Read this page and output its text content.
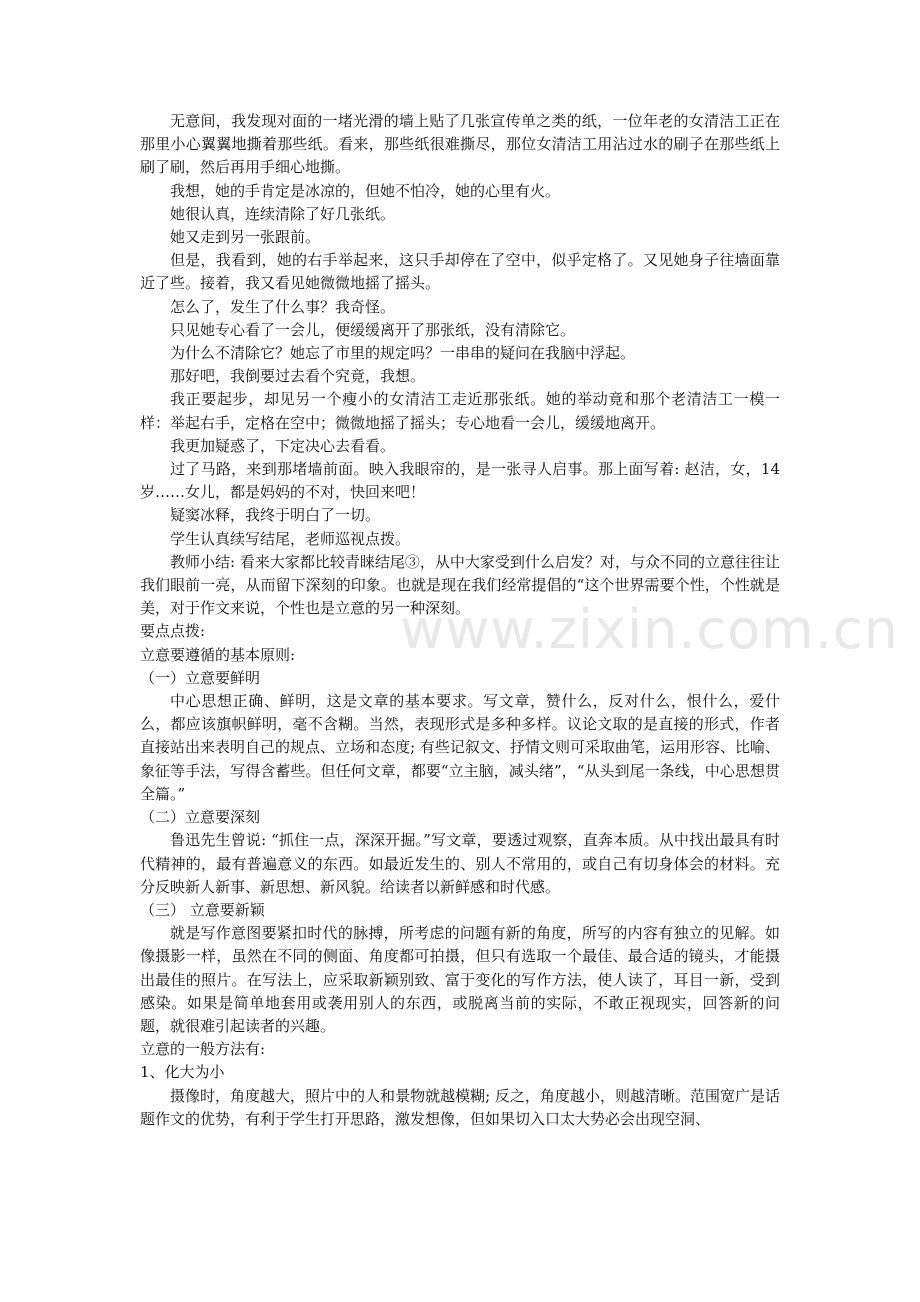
无意间，我发现对面的一堵光滑的墙上贴了几张宣传单之类的纸，一位年老的女清洁工正在那里小心翼翼地撕着那些纸。看来，那些纸很难撕尽，那位女清洁工用沾过水的刷子在那些纸上刷了刷，然后再用手细心地撕。

我想，她的手肯定是冰凉的，但她不怕冷，她的心里有火。

她很认真，连续清除了好几张纸。

她又走到另一张跟前。

但是，我看到，她的右手举起来，这只手却停在了空中，似乎定格了。又见她身子往墙面靠近了些。接着，我又看见她微微地摇了摇头。

怎么了，发生了什么事？我奇怪。

只见她专心看了一会儿，便缓缓离开了那张纸，没有清除它。

为什么不清除它？她忘了市里的规定吗？一串串的疑问在我脑中浮起。

那好吧，我倒要过去看个究竟，我想。

我正要起步，却见另一个瘦小的女清洁工走近那张纸。她的举动竟和那个老清洁工一模一样：举起右手，定格在空中；微微地摇了摇头；专心地看一会儿，缓缓地离开。

我更加疑惑了，下定决心去看看。

过了马路，来到那堵墙前面。映入我眼帘的，是一张寻人启事。那上面写着: 赵洁，女，14岁……女儿，都是妈妈的不对，快回来吧！

疑窦冰释，我终于明白了一切。

学生认真续写结尾，老师巡视点拨。

教师小结: 看来大家都比较青睐结尾③，从中大家受到什么启发？对，与众不同的立意往往让我们眼前一亮，从而留下深刻的印象。也就是现在我们经常提倡的“这个世界需要个性，个性就是美，对于作文来说，个性也是立意的另一种深刻。

要点点拨:

立意要遵循的基本原则:

（一）立意要鲜明

中心思想正确、鲜明，这是文章的基本要求。写文章，赞什么，反对什么，恨什么，爱什么，都应该旗帜鲜明，毫不含糊。当然，表现形式是多种多样。议论文取的是直接的形式，作者直接站出来表明自己的规点、立场和态度; 有些记叙文、抒情文则可采取曲笔，运用形容、比喻、象征等手法，写得含蓄些。但任何文章，都要“立主脑，减头绪”，“从头到尾一条线，中心思想贯全篇。”

（二）立意要深刻

鲁迅先生曾说: “抓住一点，深深开掘。”写文章，要透过观察，直奔本质。从中找出最具有时代精神的，最有普遍意义的东西。如最近发生的、别人不常用的，或自己有切身体会的材料。充分反映新人新事、新思想、新风貌。给读者以新鲜感和时代感。

（三） 立意要新颖

就是写作意图要紧扣时代的脉搏，所考虑的问题有新的角度，所写的内容有独立的见解。如像摄影一样，虽然在不同的侧面、角度都可拍摄，但只有选取一个最佳、最合适的镜头，才能摄出最佳的照片。在写法上，应采取新颖别致、富于变化的写作方法，使人读了，耳目一新，受到感染。如果是简单地套用或袭用别人的东西，或脱离当前的实际，不敢正视现实，回答新的问题，就很难引起读者的兴趣。

立意的一般方法有:

1、化大为小

摄像时，角度越大，照片中的人和景物就越模糊; 反之，角度越小，则越清晰。范围宽广是话题作文的优势，有利于学生打开思路，激发想像，但如果切入口太大势必会出现空洞、

www.zixin.com.cn
